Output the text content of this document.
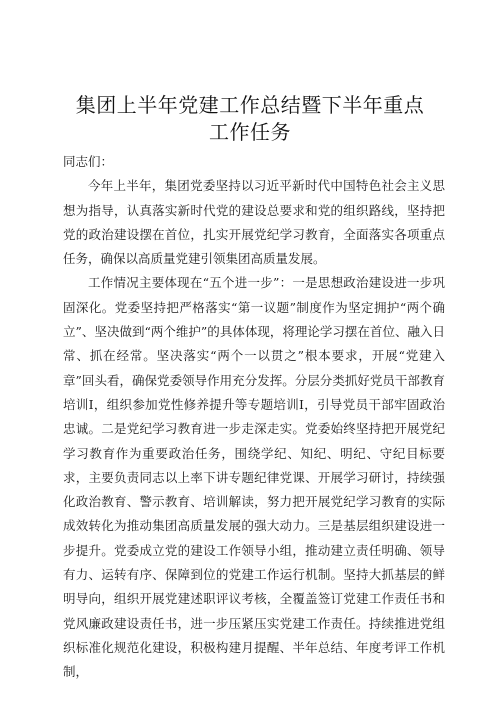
集团上半年党建工作总结暨下半年重点工作任务

同志们：

今年上半年，集团党委坚持以习近平新时代中国特色社会主义思想为指导，认真落实新时代党的建设总要求和党的组织路线，坚持把党的政治建设摆在首位，扎实开展党纪学习教育，全面落实各项重点任务，确保以高质量党建引领集团高质量发展。

工作情况主要体现在“五个进一步”：一是思想政治建设进一步巩固深化。党委坚持把严格落实“第一议题”制度作为坚定拥护“两个确立”、坚决做到“两个维护”的具体体现，将理论学习摆在首位、融入日常、抓在经常。坚决落实“两个一以贯之”根本要求，开展“党建入章”回头看，确保党委领导作用充分发挥。分层分类抓好党员干部教育培训I，组织参加党性修养提升等专题培训I，引导党员干部牢固政治忠诚。二是党纪学习教育进一步走深走实。党委始终坚持把开展党纪学习教育作为重要政治任务，围绕学纪、知纪、明纪、守纪目标要求，主要负责同志以上率下讲专题纪律党课、开展学习研讨，持续强化政治教育、警示教育、培训解读，努力把开展党纪学习教育的实际成效转化为推动集团高质量发展的强大动力。三是基层组织建设进一步提升。党委成立党的建设工作领导小组，推动建立责任明确、领导有力、运转有序、保障到位的党建工作运行机制。坚持大抓基层的鲜明导向，组织开展党建述职评议考核，全覆盖签订党建工作责任书和党风廉政建设责任书，进一步压紧压实党建工作责任。持续推进党组织标准化规范化建设，积极构建月提醒、半年总结、年度考评工作机制，
